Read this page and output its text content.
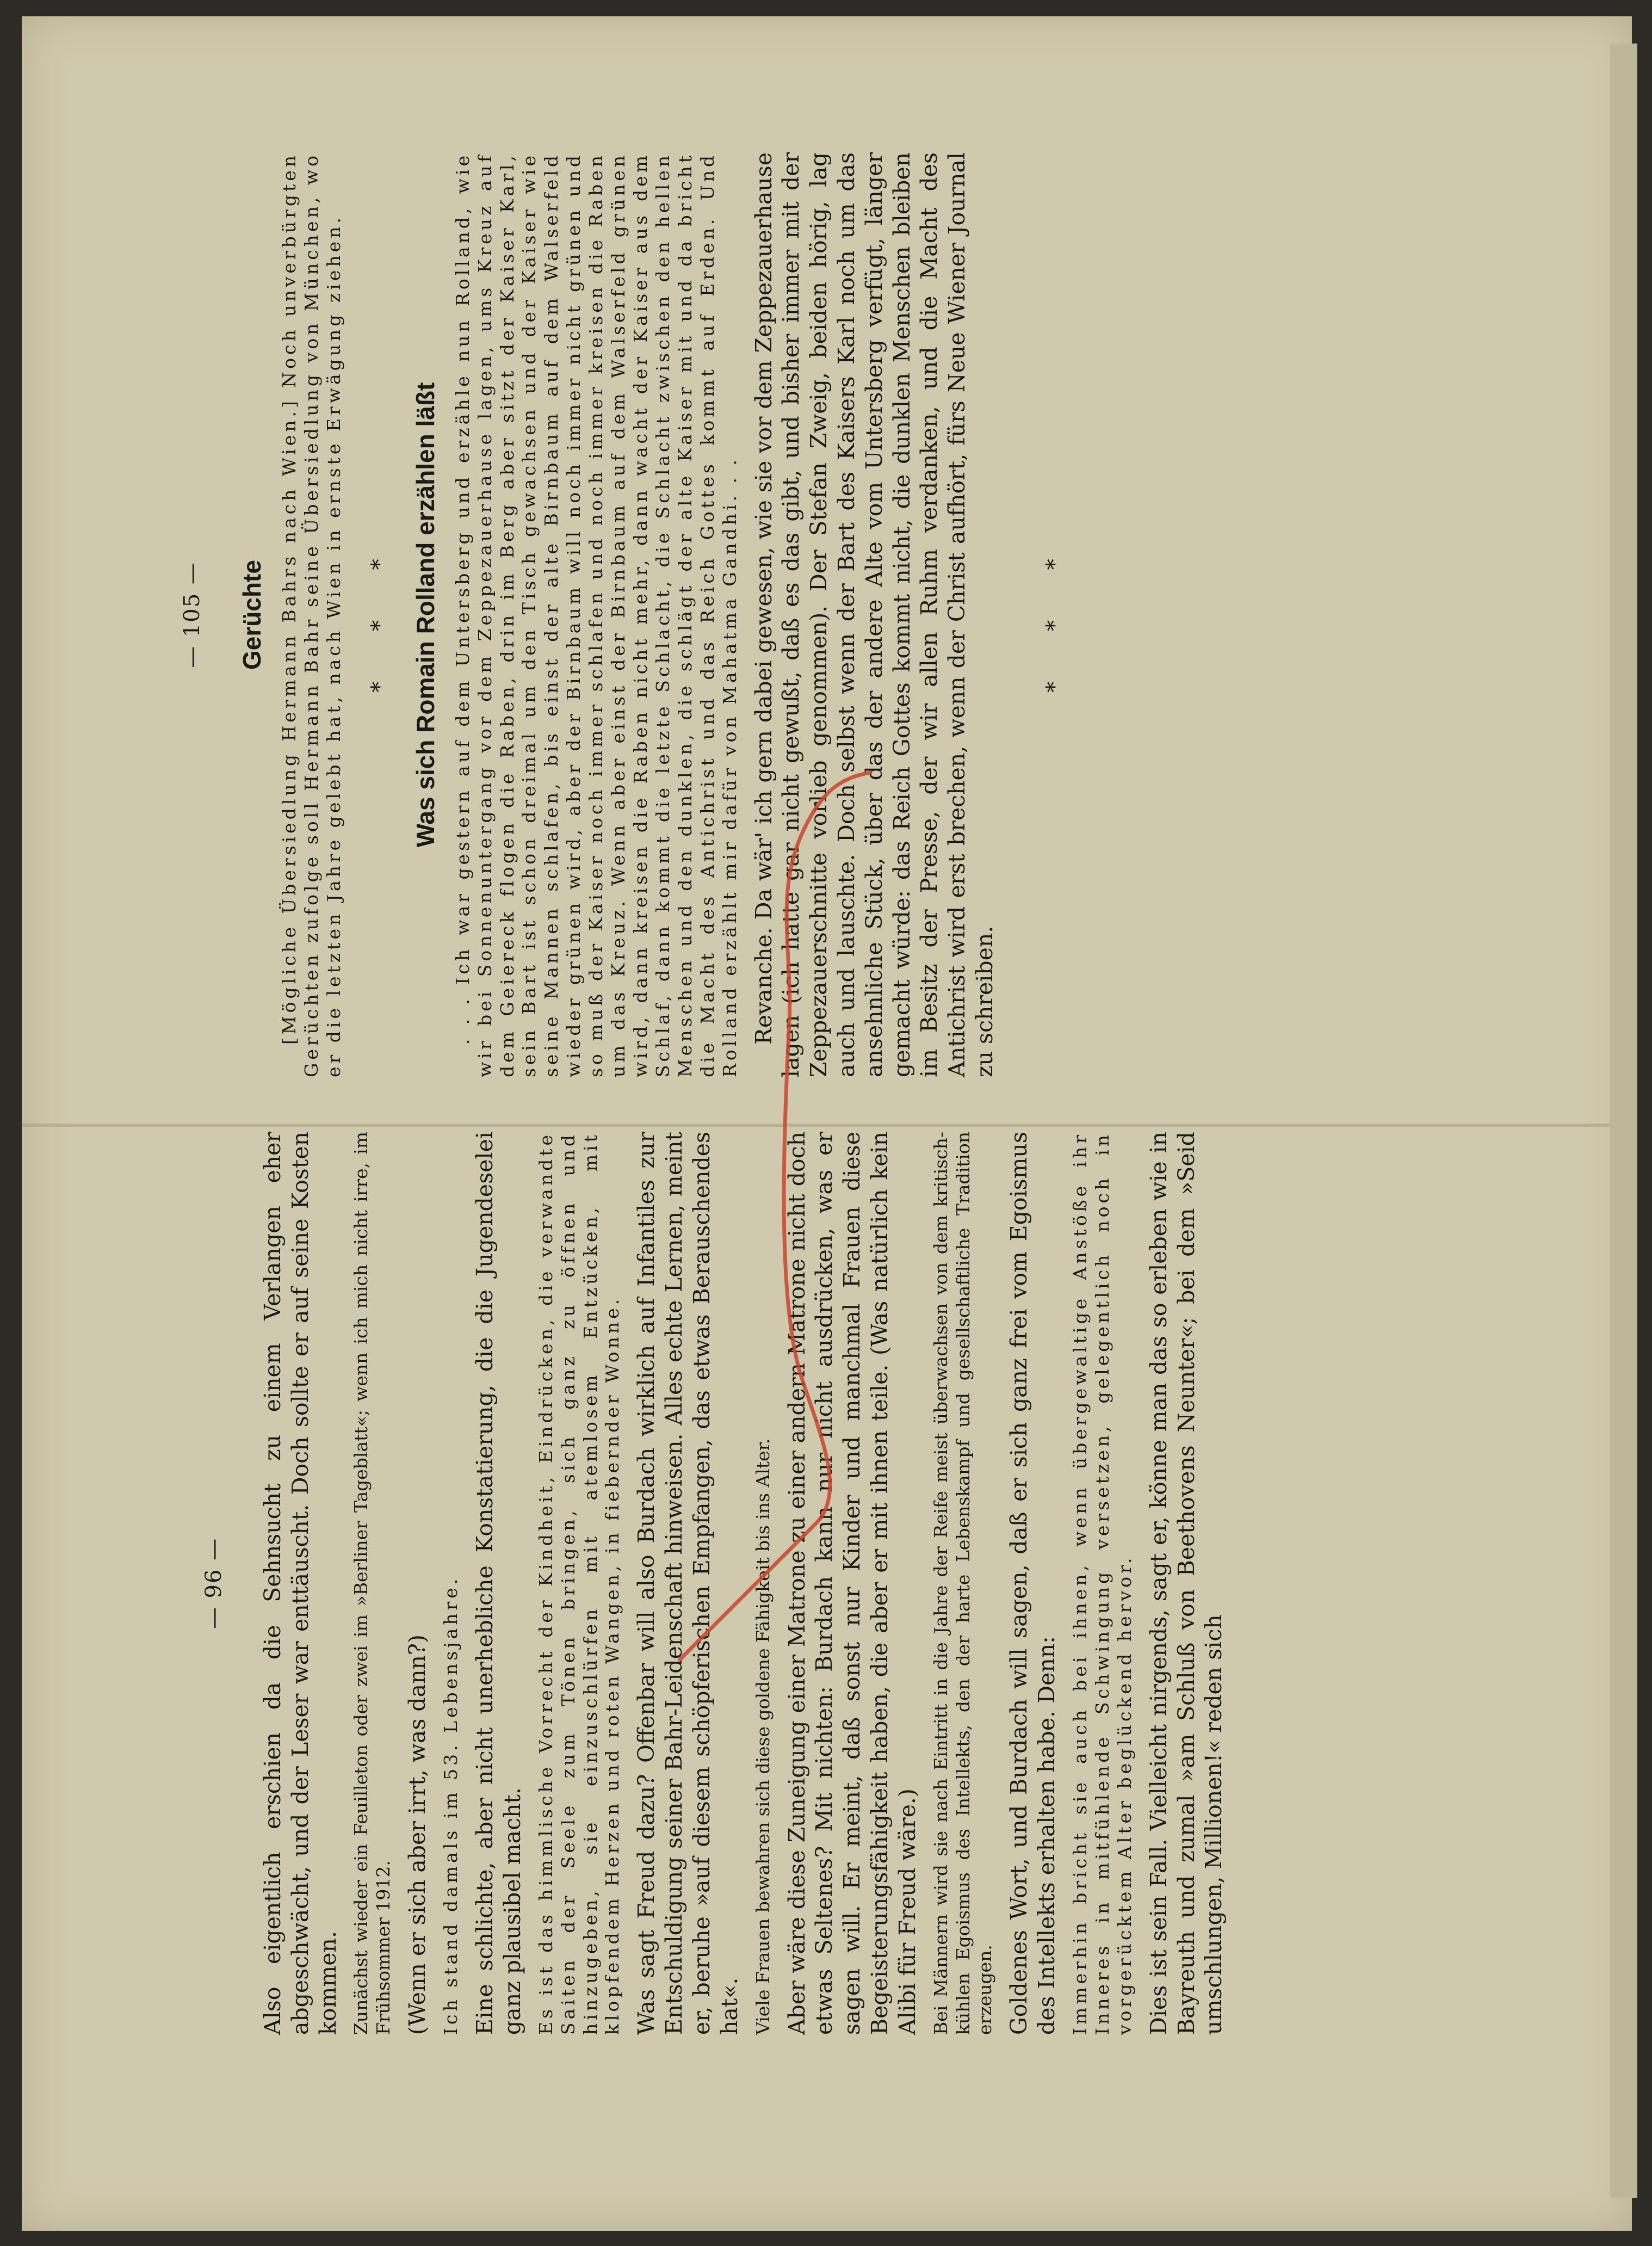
— 105 — Gerüchte [Mögliche Übersiedlung Hermann Bahrs nach Wien.] Noch unverbürgten Gerüchten zufolge soll Hermann Bahr seine Übersiedlung von München, wo er die letzten Jahre gelebt hat, nach Wien in ernste Erwägung ziehen. * * * Was sich Romain Rolland erzählen läßt . . . Ich war gestern auf dem Untersberg und erzähle nun Rolland, wie wir bei Sonnenuntergang vor dem Zeppezauerhause lagen, ums Kreuz auf dem Geiereck flogen die Raben, drin im Berg aber sitzt der Kaiser Karl, sein Bart ist schon dreimal um den Tisch gewachsen und der Kaiser wie seine Mannen schlafen, bis einst der alte Birnbaum auf dem Walserfeld wieder grünen wird, aber der Birnbaum will noch immer nicht grünen und so muß der Kaiser noch immer schlafen und noch immer kreisen die Raben um das Kreuz. Wenn aber einst der Birnbaum auf dem Walserfeld grünen wird, dann kreisen die Raben nicht mehr, dann wacht der Kaiser aus dem Schlaf, dann kommt die letzte Schlacht, die Schlacht zwischen den hellen Menschen und den dunklen, die schlägt der alte Kaiser mit und da bricht die Macht des Antichrist und das Reich Gottes kommt auf Erden. Und Rolland erzählt mir dafür von Mahatma Gandhi. . . Revanche. Da wär' ich gern dabei gewesen, wie sie vor dem Zeppezauerhause lagen (ich hatte gar nicht gewußt, daß es das gibt, und bisher immer mit der Zeppezauerschnitte vorlieb genommen). Der Stefan Zweig, beiden hörig, lag auch und lauschte. Doch selbst wenn der Bart des Kaisers Karl noch um das ansehnliche Stück, über das der andere Alte vom Untersberg verfügt, länger gemacht würde: das Reich Gottes kommt nicht, die dunklen Menschen bleiben im Besitz der Presse, der wir allen Ruhm verdanken, und die Macht des Antichrist wird erst brechen, wenn der Christ aufhört, fürs Neue Wiener Journal zu schreiben.

* * *
— 96 — Also eigentlich erschien da die Sehnsucht zu einem Verlangen eher abgeschwächt, und der Leser war enttäuscht. Doch sollte er auf seine Kosten kommen. Zunächst wieder ein Feuilleton oder zwei im »Berliner Tageblatt«; wenn ich mich nicht irre, im Frühsommer 1912. (Wenn er sich aber irrt, was dann?) Ich stand damals im 53. Lebensjahre. Eine schlichte, aber nicht unerhebliche Konstatierung, die die Jugendeselei ganz plausibel macht. Es ist das himmlische Vorrecht der Kindheit, Eindrücken, die verwandte Saiten der Seele zum Tönen bringen, sich ganz zu öffnen und hinzugeben, sie einzuschlürfen mit atemlosem Entzücken, mit klopfendem Herzen und roten Wangen, in fiebernder Wonne. Was sagt Freud dazu? Offenbar will also Burdach wirklich auf Infantiles zur Entschuldigung seiner Bahr-Leidenschaft hinweisen. Alles echte Lernen, meint er, beruhe »auf diesem schöpferischen Empfangen, das etwas Berauschendes hat«. Viele Frauen bewahren sich diese goldene Fähigkeit bis ins Alter. Aber wäre diese Zuneigung einer Matrone zu einer andern Matrone nicht doch etwas Seltenes? Mit nichten: Burdach kann nur nicht ausdrücken, was er sagen will. Er meint, daß sonst nur Kinder und manchmal Frauen diese Begeisterungsfähigkeit haben, die aber er mit ihnen teile. (Was natürlich kein Alibi für Freud wäre.) Bei Männern wird sie nach Eintritt in die Jahre der Reife meist überwachsen von dem kritisch-kühlen Egoismus des Intellekts, den der harte Lebenskampf und gesellschaftliche Tradition erzeugen. Goldenes Wort, und Burdach will sagen, daß er sich ganz frei vom Egoismus des Intellekts erhalten habe. Denn: Immerhin bricht sie auch bei ihnen, wenn übergewaltige Anstöße ihr Inneres in mitfühlende Schwingung versetzen, gelegentlich noch in vorgerücktem Alter beglückend hervor. Dies ist sein Fall. Vielleicht nirgends, sagt er, könne man das so erleben wie in Bayreuth und zumal »am Schluß von Beethovens Neunter«; bei dem »Seid umschlungen, Millionen!« reden sich
